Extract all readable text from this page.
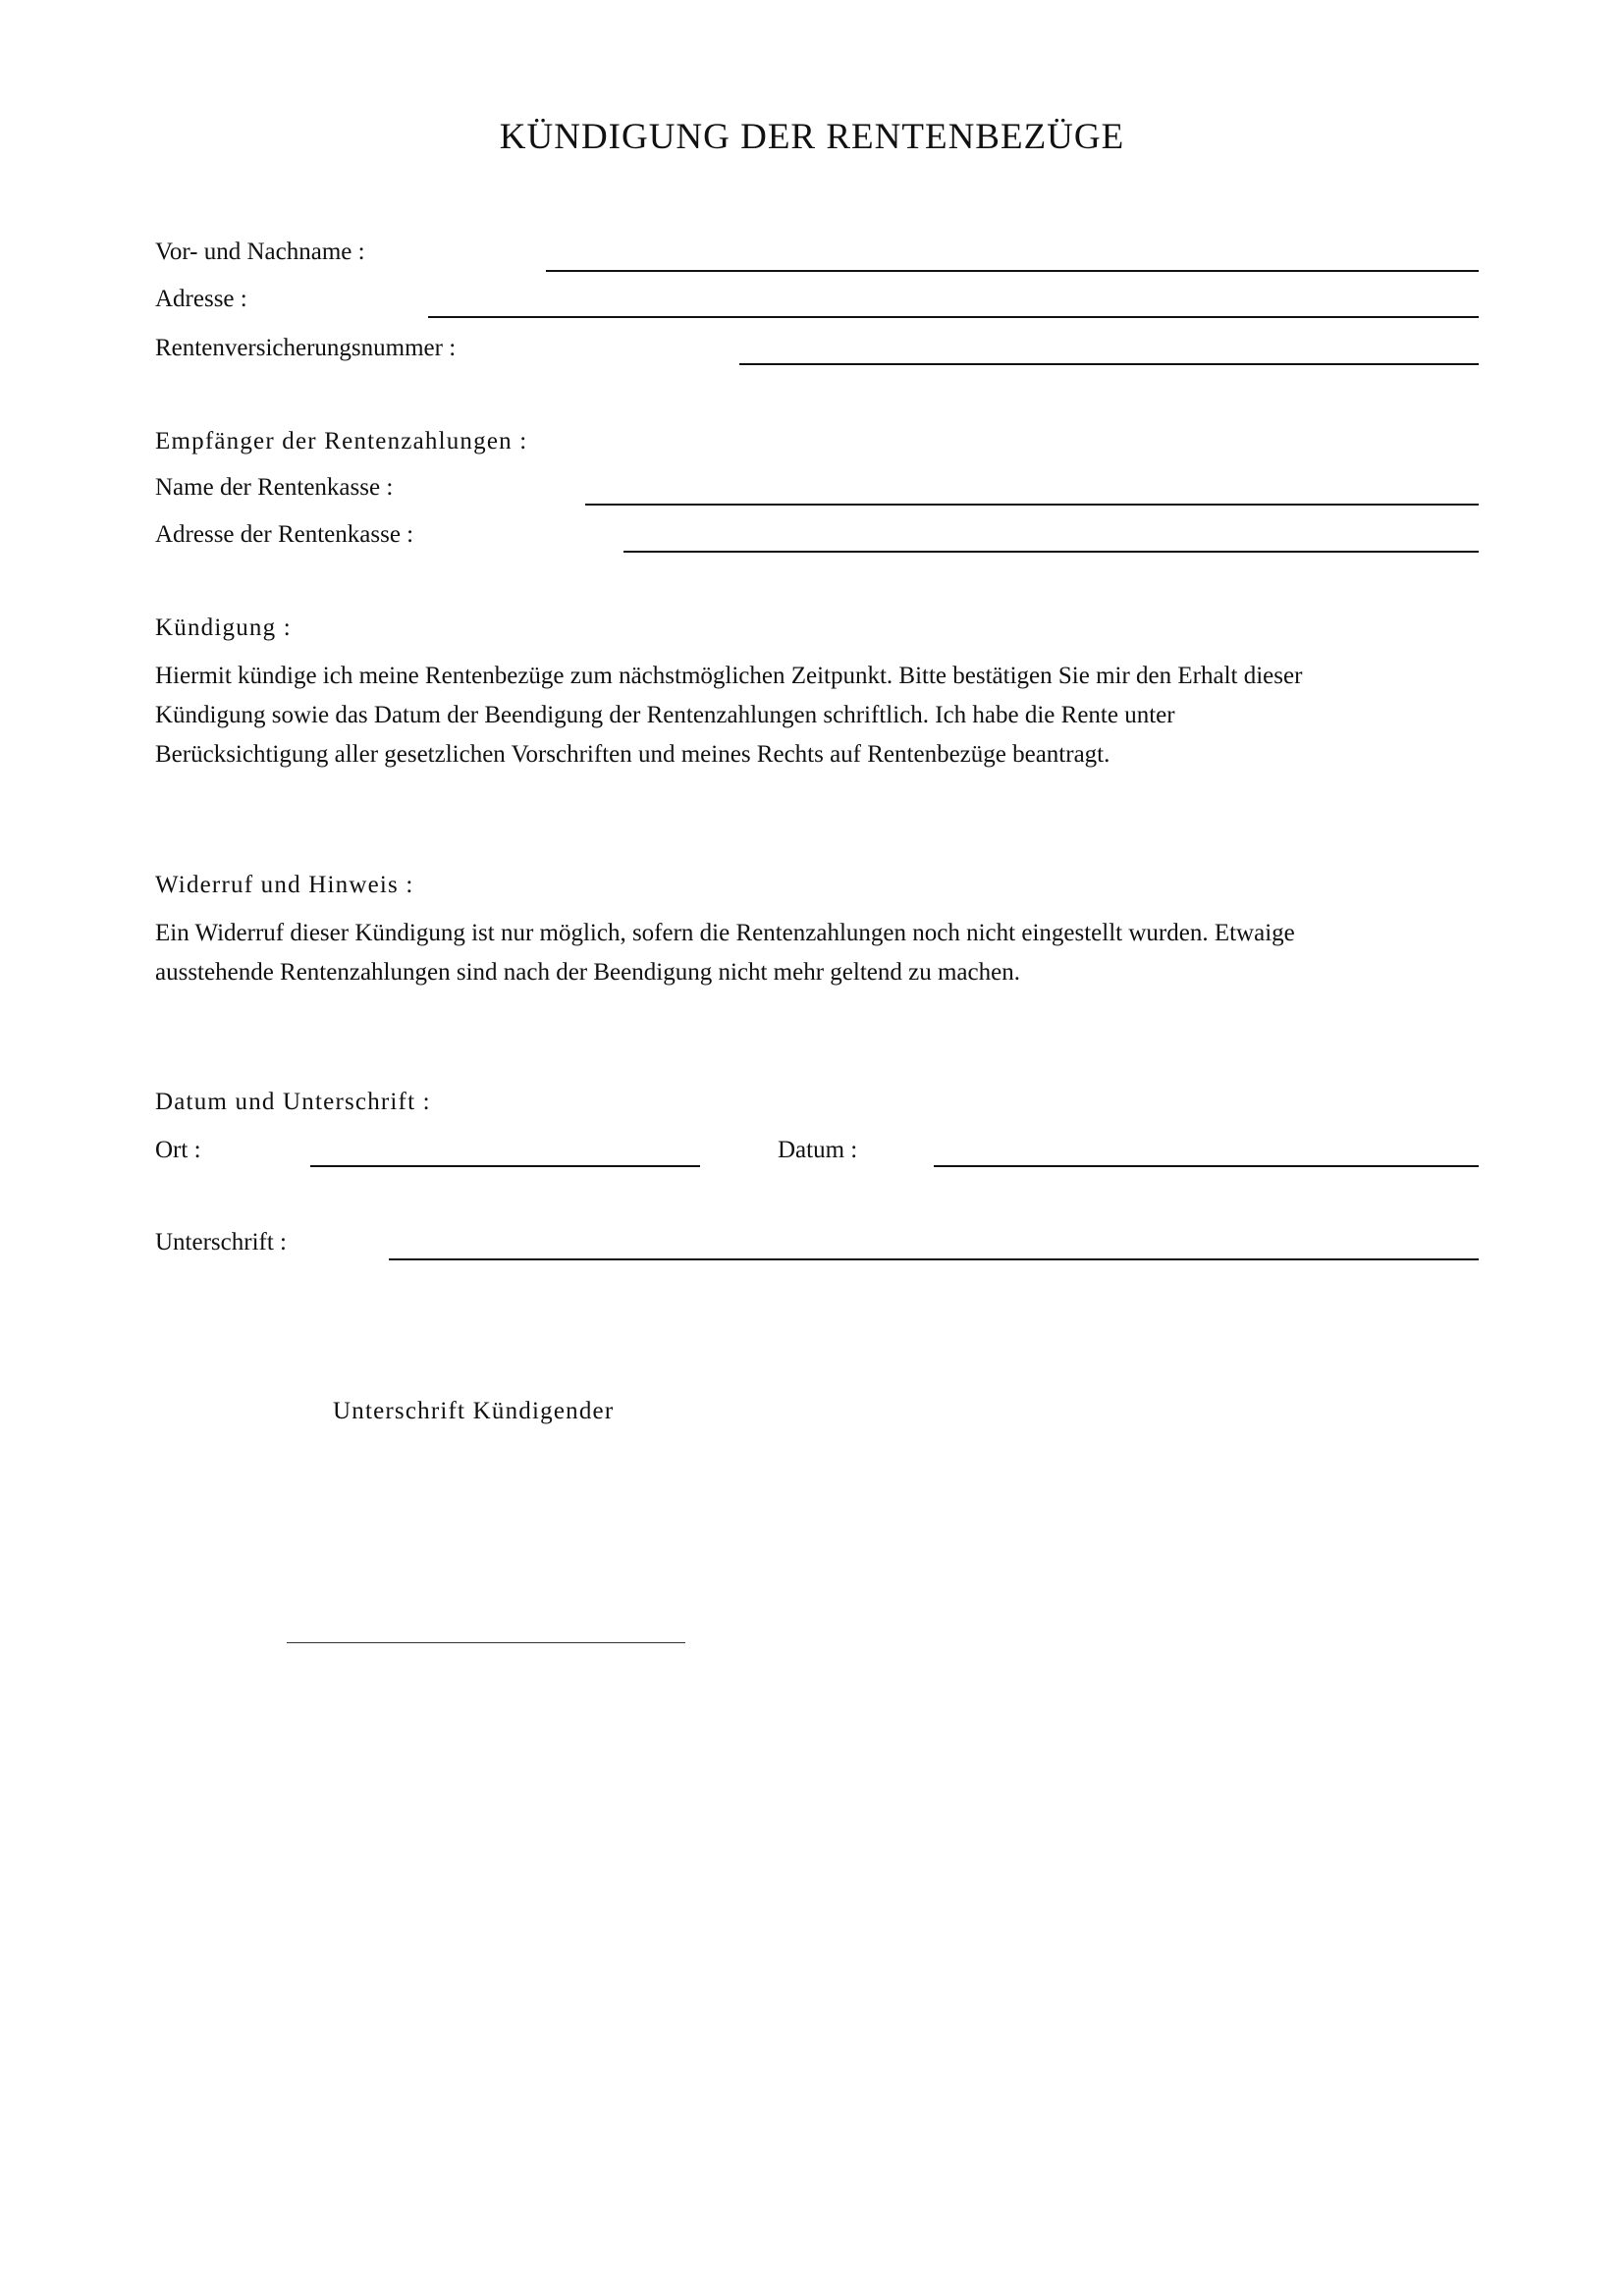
KÜNDIGUNG DER RENTENBEZÜGE
Vor- und Nachname :
Adresse :
Rentenversicherungsnummer :
Empfänger der Rentenzahlungen :
Name der Rentenkasse :
Adresse der Rentenkasse :
Kündigung :
Hiermit kündige ich meine Rentenbezüge zum nächstmöglichen Zeitpunkt. Bitte bestätigen Sie mir den Erhalt dieser
Kündigung sowie das Datum der Beendigung der Rentenzahlungen schriftlich. Ich habe die Rente unter
Berücksichtigung aller gesetzlichen Vorschriften und meines Rechts auf Rentenbezüge beantragt.
Widerruf und Hinweis :
Ein Widerruf dieser Kündigung ist nur möglich, sofern die Rentenzahlungen noch nicht eingestellt wurden. Etwaige
ausstehende Rentenzahlungen sind nach der Beendigung nicht mehr geltend zu machen.
Datum und Unterschrift :
Ort :	Datum :
Unterschrift :
Unterschrift Kündigender
